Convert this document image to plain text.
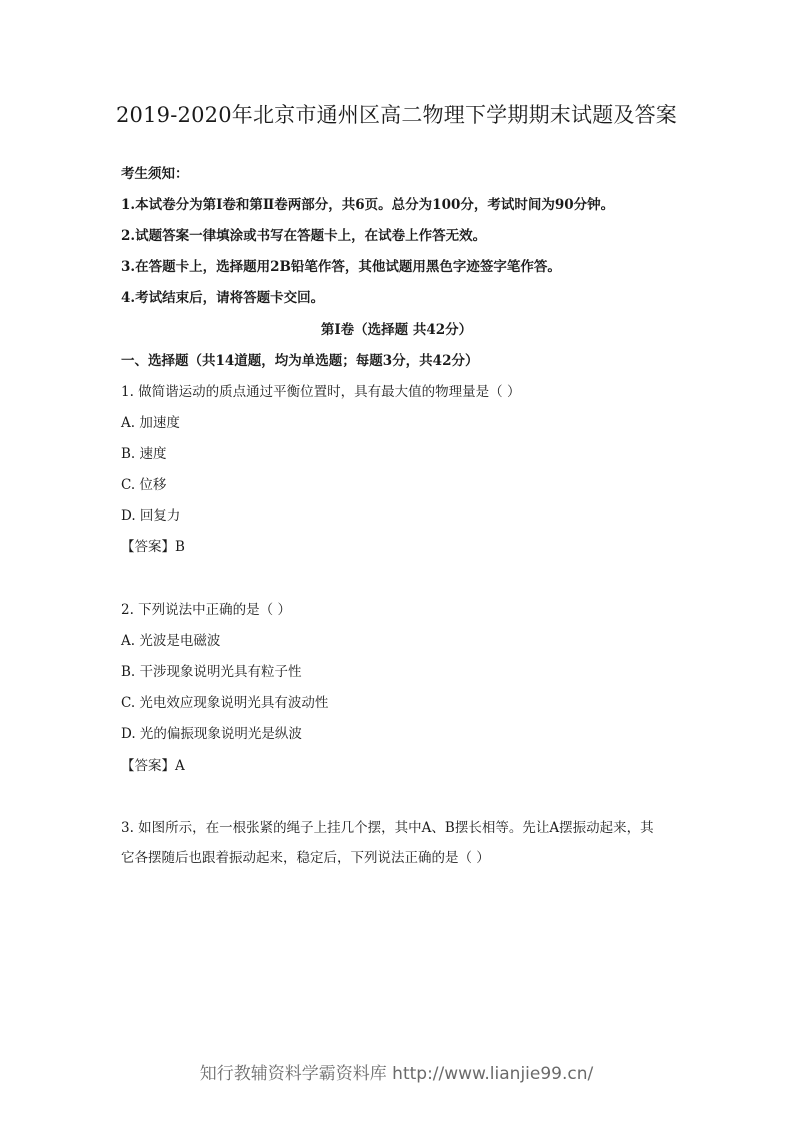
2019-2020年北京市通州区高二物理下学期期末试题及答案
考生须知：
1.本试卷分为第Ⅰ卷和第Ⅱ卷两部分，共6页。总分为100分，考试时间为90分钟。
2.试题答案一律填涂或书写在答题卡上，在试卷上作答无效。
3.在答题卡上，选择题用2B铅笔作答，其他试题用黑色字迹签字笔作答。
4.考试结束后，请将答题卡交回。
第Ⅰ卷（选择题 共42分）
一、选择题（共14道题，均为单选题；每题3分，共42分）
1. 做简谐运动的质点通过平衡位置时，具有最大值的物理量是（ ）
A. 加速度
B. 速度
C. 位移
D. 回复力
【答案】B
2. 下列说法中正确的是（ ）
A. 光波是电磁波
B. 干涉现象说明光具有粒子性
C. 光电效应现象说明光具有波动性
D. 光的偏振现象说明光是纵波
【答案】A
3. 如图所示，在一根张紧的绳子上挂几个摆，其中A、B摆长相等。先让A摆振动起来，其
它各摆随后也跟着振动起来，稳定后，下列说法正确的是（ ）
知行教辅资料学霸资料库 http://www.lianjie99.cn/
